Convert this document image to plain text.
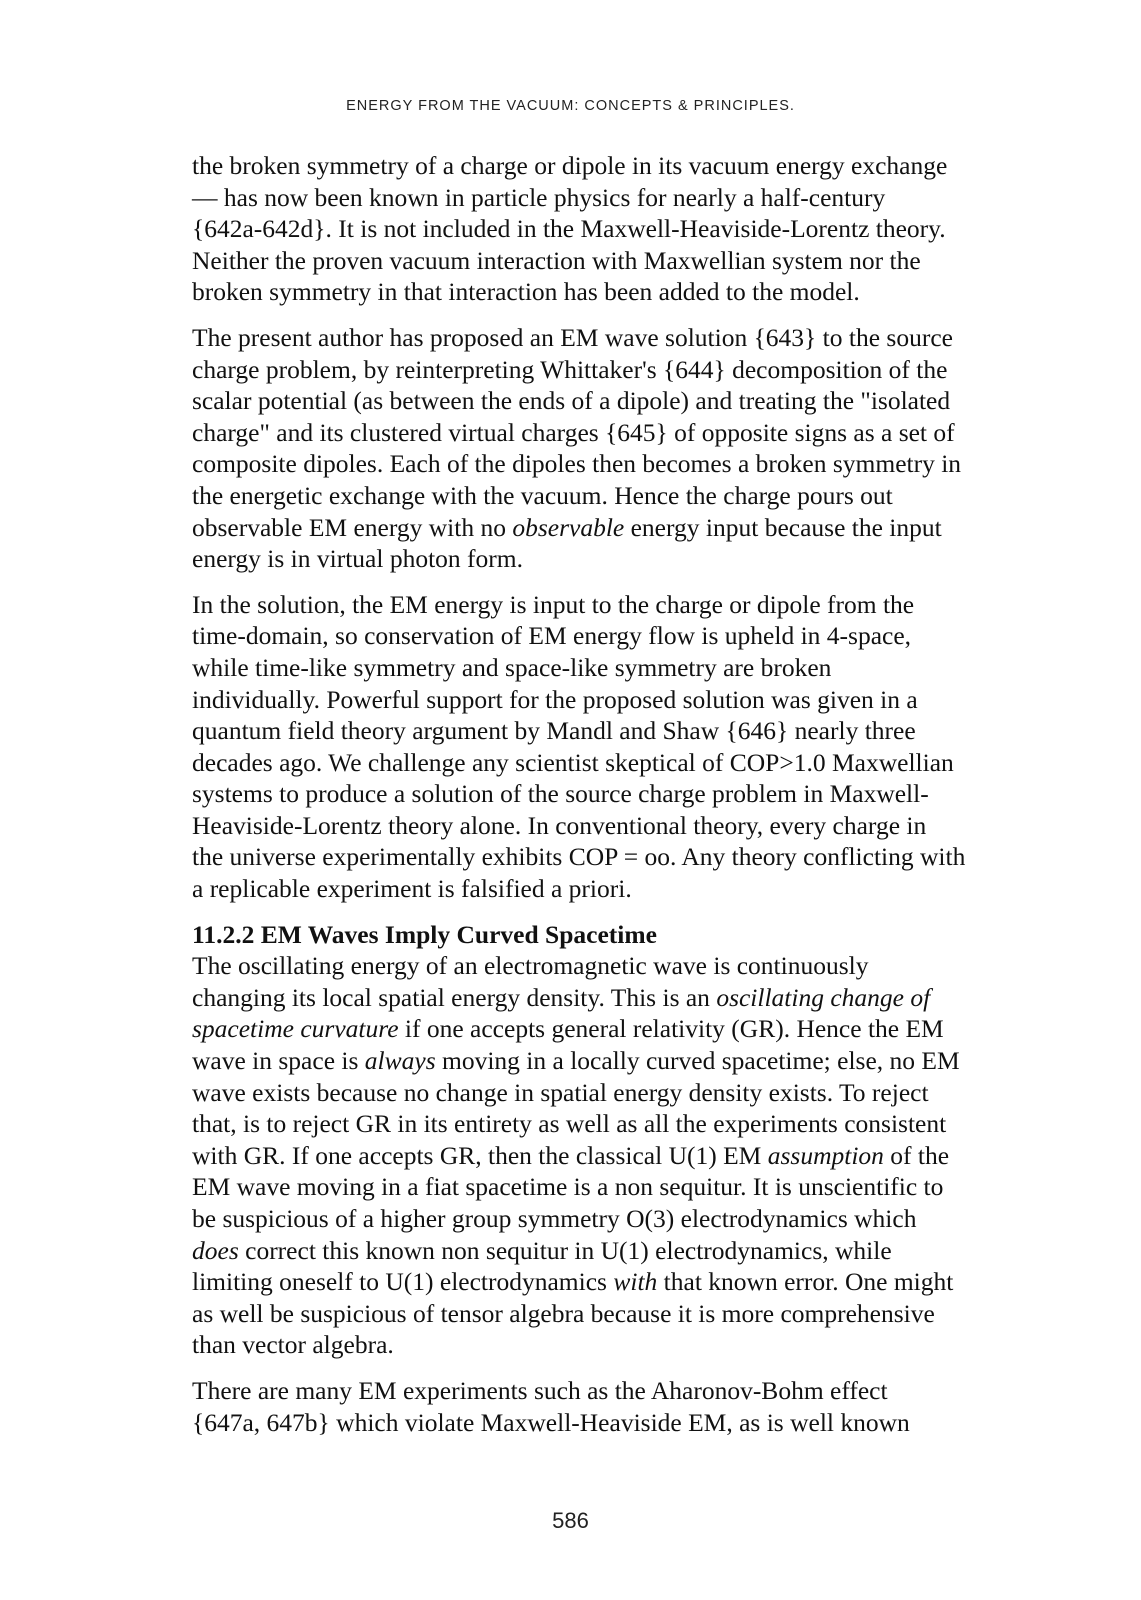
ENERGY FROM THE VACUUM: CONCEPTS & PRINCIPLES.

the broken symmetry of a charge or dipole in its vacuum energy exchange
— has now been known in particle physics for nearly a half-century
{642a-642d}. It is not included in the Maxwell-Heaviside-Lorentz theory.
Neither the proven vacuum interaction with Maxwellian system nor the
broken symmetry in that interaction has been added to the model.

The present author has proposed an EM wave solution {643} to the source
charge problem, by reinterpreting Whittaker's {644} decomposition of the
scalar potential (as between the ends of a dipole) and treating the "isolated
charge" and its clustered virtual charges {645} of opposite signs as a set of
composite dipoles. Each of the dipoles then becomes a broken symmetry in
the energetic exchange with the vacuum. Hence the charge pours out
observable EM energy with no observable energy input because the input
energy is in virtual photon form.

In the solution, the EM energy is input to the charge or dipole from the
time-domain, so conservation of EM energy flow is upheld in 4-space,
while time-like symmetry and space-like symmetry are broken
individually. Powerful support for the proposed solution was given in a
quantum field theory argument by Mandl and Shaw {646} nearly three
decades ago. We challenge any scientist skeptical of COP>1.0 Maxwellian
systems to produce a solution of the source charge problem in Maxwell-
Heaviside-Lorentz theory alone. In conventional theory, every charge in
the universe experimentally exhibits COP = oo. Any theory conflicting with
a replicable experiment is falsified a priori.

11.2.2 EM Waves Imply Curved Spacetime

The oscillating energy of an electromagnetic wave is continuously
changing its local spatial energy density. This is an oscillating change of
spacetime curvature if one accepts general relativity (GR). Hence the EM
wave in space is always moving in a locally curved spacetime; else, no EM
wave exists because no change in spatial energy density exists. To reject
that, is to reject GR in its entirety as well as all the experiments consistent
with GR. If one accepts GR, then the classical U(1) EM assumption of the
EM wave moving in a fiat spacetime is a non sequitur. It is unscientific to
be suspicious of a higher group symmetry O(3) electrodynamics which
does correct this known non sequitur in U(1) electrodynamics, while
limiting oneself to U(1) electrodynamics with that known error. One might
as well be suspicious of tensor algebra because it is more comprehensive
than vector algebra.

There are many EM experiments such as the Aharonov-Bohm effect
{647a, 647b} which violate Maxwell-Heaviside EM, as is well known

586
